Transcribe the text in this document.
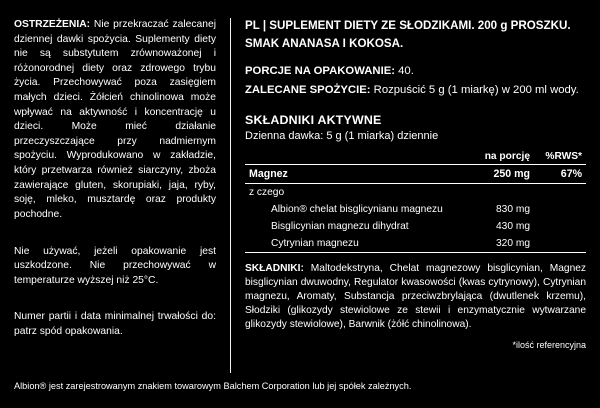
OSTRZEŻENIA: Nie przekraczać zalecanej dziennej dawki spożycia. Suplementy diety nie są substytutem zrównoważonej i różonorodnej diety oraz zdrowego trybu życia. Przechowywać poza zasięgiem małych dzieci. Żółcień chinolinowa może wpływać na aktywność i koncentrację u dzieci. Może mieć działanie przeczyszczające przy nadmiernym spożyciu. Wyprodukowano w zakładzie, który przetwarza również siarczyny, zboża zawierające gluten, skorupiaki, jaja, ryby, soję, mleko, musztardę oraz produkty pochodne.

Nie używać, jeżeli opakowanie jest uszkodzone. Nie przechowywać w temperaturze wyższej niż 25°C.

Numer partii i data minimalnej trwałości do: patrz spód opakowania.

PL | SUPLEMENT DIETY ZE SŁODZIKAMI. 200 g PROSZKU.

SMAK ANANASA I KOKOSA.

PORCJE NA OPAKOWANIE: 40.

ZALECANE SPOŻYCIE: Rozpuścić 5 g (1 miarkę) w 200 ml wody.

SKŁADNIKI AKTYWNE

Dzienna dawka: 5 g (1 miarka) dziennie

	na porcję	%RWS*
Magnez	250 mg	67%
z czego		
Albion® chelat bisglicynianu magnezu	830 mg	
Bisglicynian magnezu dihydrat	430 mg	
Cytrynian magnezu	320 mg	

SKŁADNIKI: Maltodekstryna, Chelat magnezowy bisglicynian, Magnez bisglicynian dwuwodny, Regulator kwasowości (kwas cytrynowy), Cytrynian magnezu, Aromaty, Substancja przeciwzbrylająca (dwutlenek krzemu), Słodziki (glikozydy stewiolowe ze stewii i enzymatycznie wytwarzane glikozydy stewiolowe), Barwnik (żółć chinolinowa).

*ilość referencyjna

Albion® jest zarejestrowanym znakiem towarowym Balchem Corporation lub jej spółek zależnych.
